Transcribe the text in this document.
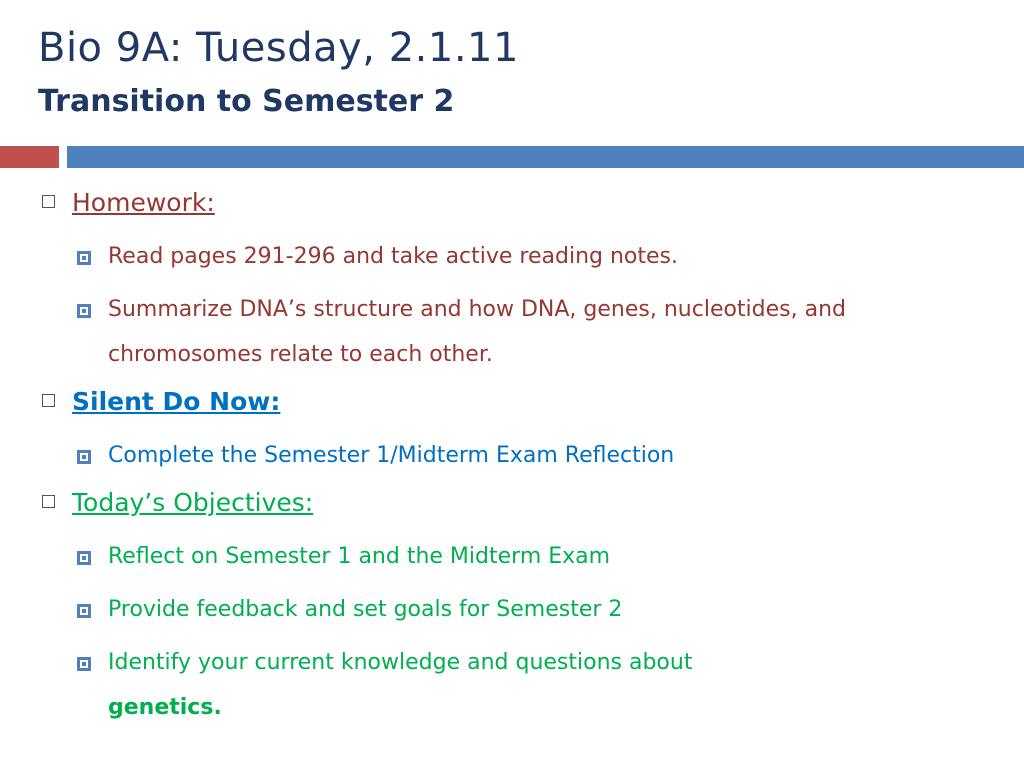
Bio 9A: Tuesday, 2.1.11
Transition to Semester 2
Homework:
Read pages 291-296 and take active reading notes.
Summarize DNA’s structure and how DNA, genes, nucleotides, and chromosomes relate to each other.
Silent Do Now:
Complete the Semester 1/Midterm Exam Reflection
Today’s Objectives:
Reflect on Semester 1 and the Midterm Exam
Provide feedback and set goals for Semester 2
Identify your current knowledge and questions about
genetics.
